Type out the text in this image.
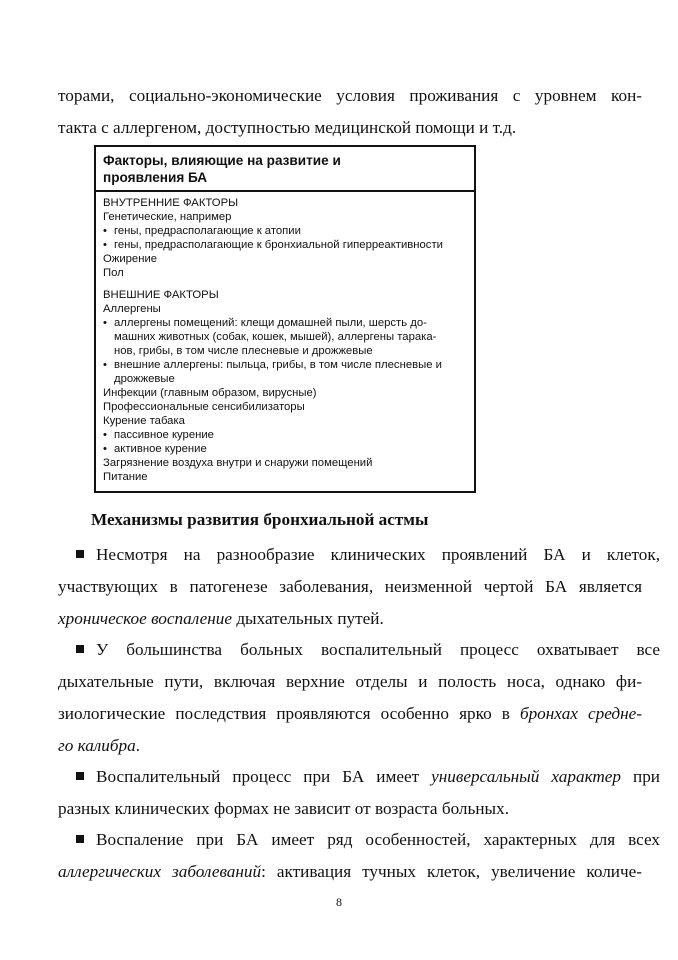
торами, социально-экономические условия проживания с уровнем кон-
такта с аллергеном, доступностью медицинской помощи и т.д.
Факторы, влияющие на развитие и
проявления БА
ВНУТРЕННИЕ ФАКТОРЫ
Генетические, например
• гены, предрасполагающие к атопии
• гены, предрасполагающие к бронхиальной гиперреактивности
Ожирение
Пол
ВНЕШНИЕ ФАКТОРЫ
Аллергены
• аллергены помещений: клещи домашней пыли, шерсть до-
машних животных (собак, кошек, мышей), аллергены тарака-
нов, грибы, в том числе плесневые и дрожжевые
• внешние аллергены: пыльца, грибы, в том числе плесневые и
дрожжевые
Инфекции (главным образом, вирусные)
Профессиональные сенсибилизаторы
Курение табака
• пассивное курение
• активное курение
Загрязнение воздуха внутри и снаружи помещений
Питание
Механизмы развития бронхиальной астмы
Несмотря на разнообразие клинических проявлений БА и клеток,
участвующих в патогенезе заболевания, неизменной чертой БА является
хроническое воспаление дыхательных путей.
У большинства больных воспалительный процесс охватывает все
дыхательные пути, включая верхние отделы и полость носа, однако фи-
зиологические последствия проявляются особенно ярко в бронхах средне-
го калибра.
Воспалительный процесс при БА имеет универсальный характер при
разных клинических формах не зависит от возраста больных.
Воспаление при БА имеет ряд особенностей, характерных для всех
аллергических заболеваний: активация тучных клеток, увеличение количе-
8
